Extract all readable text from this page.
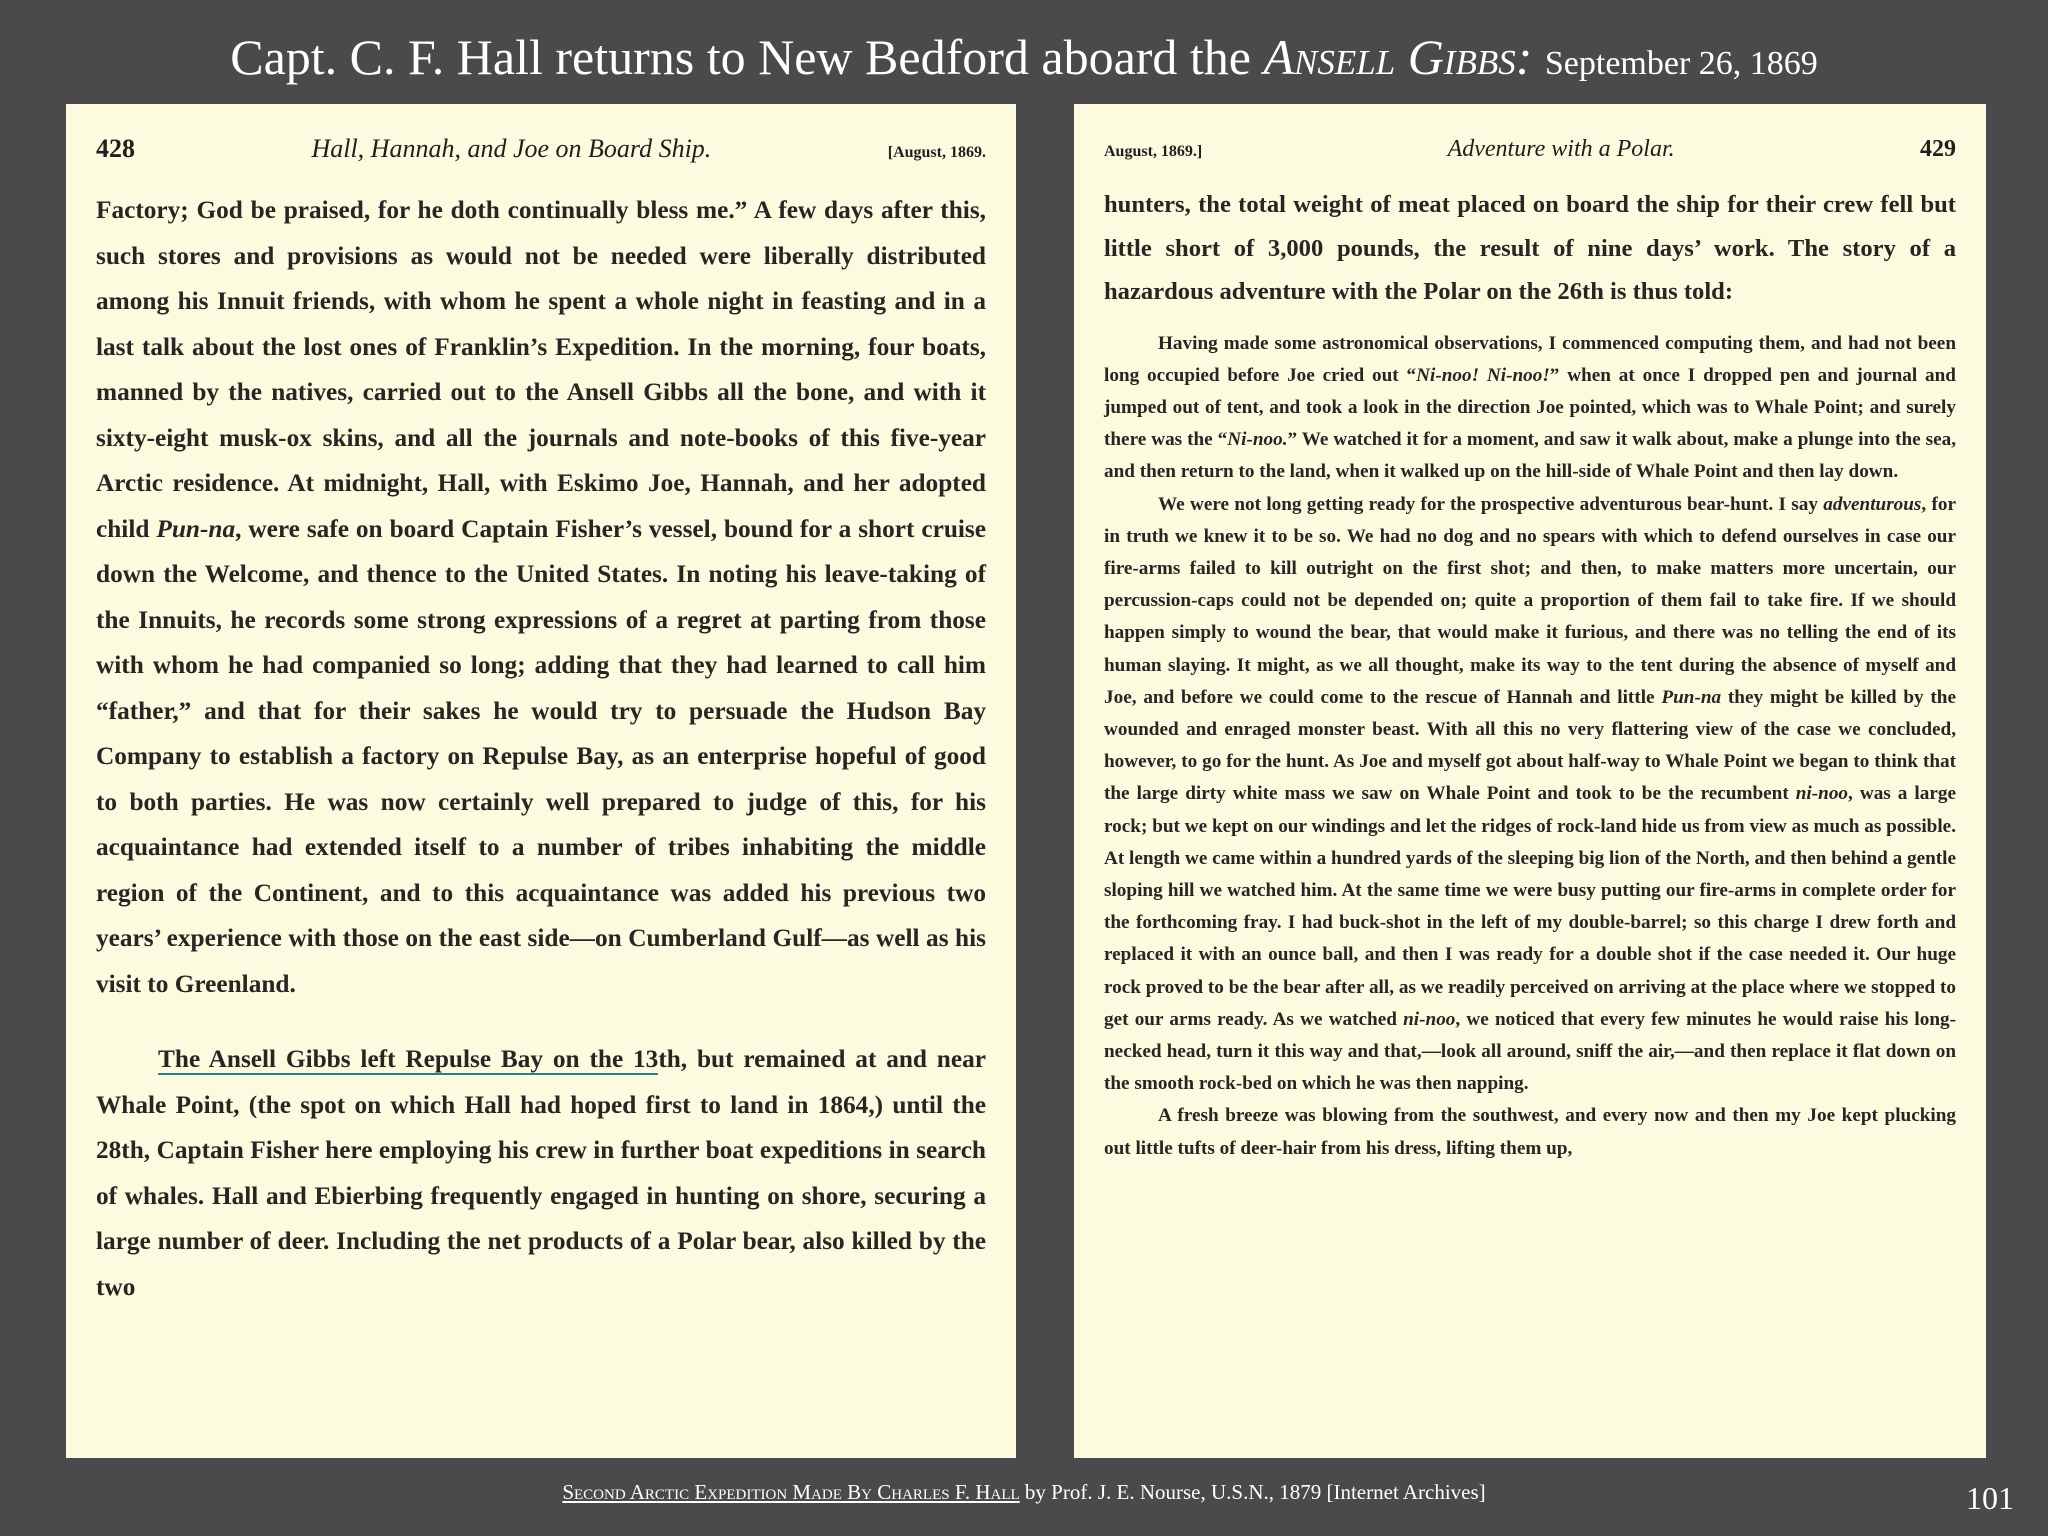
Capt. C. F. Hall returns to New Bedford aboard the Ansell Gibbs: September 26, 1869
428	Hall, Hannah, and Joe on Board Ship.	[August, 1869.

Factory; God be praised, for he doth continually bless me.” A few days after this, such stores and provisions as would not be needed were liberally distributed among his Innuit friends, with whom he spent a whole night in feasting and in a last talk about the lost ones of Franklin’s Expedition. In the morning, four boats, manned by the natives, carried out to the Ansell Gibbs all the bone, and with it sixty-eight musk-ox skins, and all the journals and note-books of this five-year Arctic residence. At midnight, Hall, with Eskimo Joe, Hannah, and her adopted child Pun-na, were safe on board Captain Fisher’s vessel, bound for a short cruise down the Welcome, and thence to the United States. In noting his leave-taking of the Innuits, he records some strong expressions of a regret at parting from those with whom he had companied so long; adding that they had learned to call him “father,” and that for their sakes he would try to persuade the Hudson Bay Company to establish a factory on Repulse Bay, as an enterprise hopeful of good to both parties. He was now certainly well prepared to judge of this, for his acquaintance had extended itself to a number of tribes inhabiting the middle region of the Continent, and to this acquaintance was added his previous two years’ experience with those on the east side—on Cumberland Gulf—as well as his visit to Greenland.

The Ansell Gibbs left Repulse Bay on the 13th, but remained at and near Whale Point, (the spot on which Hall had hoped first to land in 1864,) until the 28th, Captain Fisher here employing his crew in further boat expeditions in search of whales. Hall and Ebierbing frequently engaged in hunting on shore, securing a large number of deer. Including the net products of a Polar bear, also killed by the two

August, 1869.]	Adventure with a Polar.	429

hunters, the total weight of meat placed on board the ship for their crew fell but little short of 3,000 pounds, the result of nine days’ work. The story of a hazardous adventure with the Polar on the 26th is thus told:

Having made some astronomical observations, I commenced computing them, and had not been long occupied before Joe cried out “Ni-noo! Ni-noo!” when at once I dropped pen and journal and jumped out of tent, and took a look in the direction Joe pointed, which was to Whale Point; and surely there was the “Ni-noo.” We watched it for a moment, and saw it walk about, make a plunge into the sea, and then return to the land, when it walked up on the hill-side of Whale Point and then lay down.

We were not long getting ready for the prospective adventurous bear-hunt. I say adventurous, for in truth we knew it to be so. We had no dog and no spears with which to defend ourselves in case our fire-arms failed to kill outright on the first shot; and then, to make matters more uncertain, our percussion-caps could not be depended on; quite a proportion of them fail to take fire. If we should happen simply to wound the bear, that would make it furious, and there was no telling the end of its human slaying. It might, as we all thought, make its way to the tent during the absence of myself and Joe, and before we could come to the rescue of Hannah and little Pun-na they might be killed by the wounded and enraged monster beast. With all this no very flattering view of the case we concluded, however, to go for the hunt. As Joe and myself got about half-way to Whale Point we began to think that the large dirty white mass we saw on Whale Point and took to be the recumbent ni-noo, was a large rock; but we kept on our windings and let the ridges of rock-land hide us from view as much as possible. At length we came within a hundred yards of the sleeping big lion of the North, and then behind a gentle sloping hill we watched him. At the same time we were busy putting our fire-arms in complete order for the forthcoming fray. I had buck-shot in the left of my double-barrel; so this charge I drew forth and replaced it with an ounce ball, and then I was ready for a double shot if the case needed it. Our huge rock proved to be the bear after all, as we readily perceived on arriving at the place where we stopped to get our arms ready. As we watched ni-noo, we noticed that every few minutes he would raise his long-necked head, turn it this way and that,—look all around, sniff the air,—and then replace it flat down on the smooth rock-bed on which he was then napping.

A fresh breeze was blowing from the southwest, and every now and then my Joe kept plucking out little tufts of deer-hair from his dress, lifting them up,

Second Arctic Expedition Made By Charles F. Hall by Prof. J. E. Nourse, U.S.N., 1879 [Internet Archives]	101
